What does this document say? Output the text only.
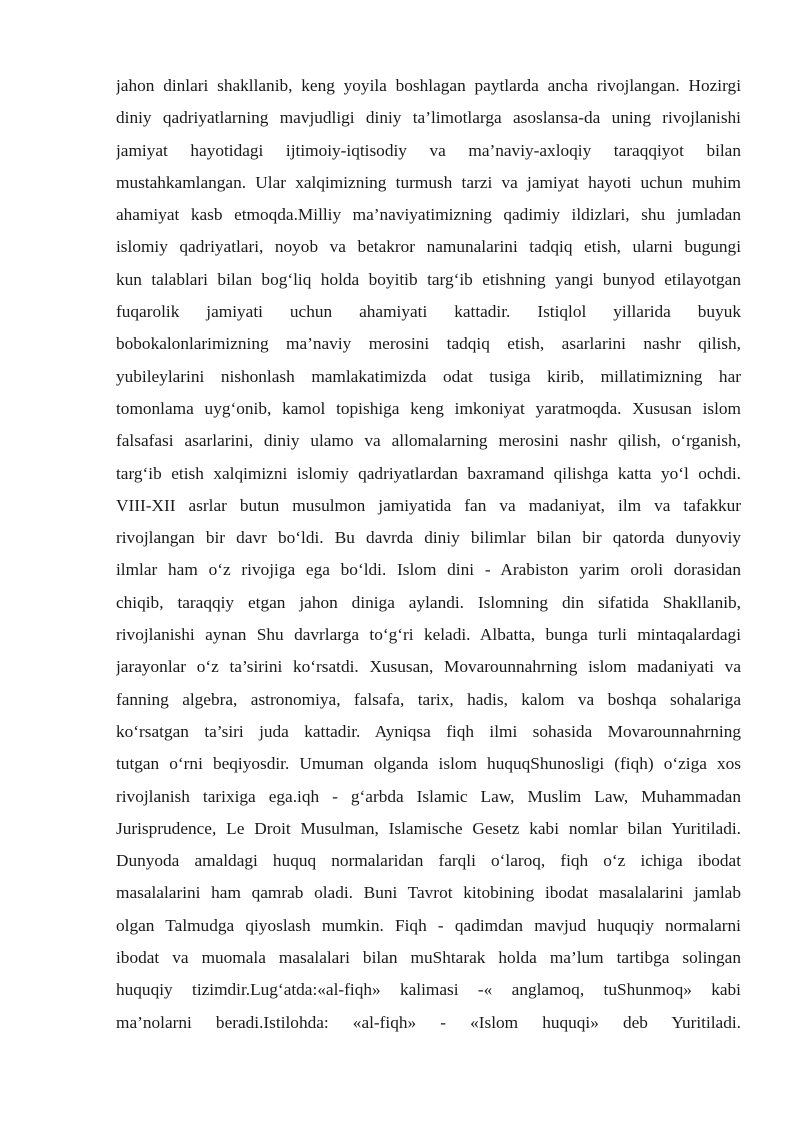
jahon dinlari shakllanib, keng yoyila boshlagan paytlarda ancha rivojlangan. Hozirgi
diniy qadriyatlarning mavjudligi diniy ta’limotlarga asoslansa-da uning rivojlanishi
jamiyat hayotidagi ijtimoiy-iqtisodiy va ma’naviy-axloqiy taraqqiyot bilan
mustahkamlangan. Ular xalqimizning turmush tarzi va jamiyat hayoti uchun muhim
ahamiyat kasb etmoqda.Milliy ma’naviyatimizning qadimiy ildizlari, shu jumladan
islomiy qadriyatlari, noyob va betakror namunalarini tadqiq etish, ularni bugungi
kun talablari bilan bog‘liq holda boyitib targ‘ib etishning yangi bunyod etilayotgan
fuqarolik jamiyati uchun ahamiyati kattadir. Istiqlol yillarida buyuk
bobokalonlarimizning ma’naviy merosini tadqiq etish, asarlarini nashr qilish,
yubileylarini nishonlash mamlakatimizda odat tusiga kirib, millatimizning har
tomonlama uyg‘onib, kamol topishiga keng imkoniyat yaratmoqda. Xususan islom
falsafasi asarlarini, diniy ulamo va allomalarning merosini nashr qilish, o‘rganish,
targ‘ib etish xalqimizni islomiy qadriyatlardan baxramand qilishga katta yo‘l ochdi.
VIII-XII asrlar butun musulmon jamiyatida fan va madaniyat, ilm va tafakkur
rivojlangan bir davr bo‘ldi. Bu davrda diniy bilimlar bilan bir qatorda dunyoviy
ilmlar ham o‘z rivojiga ega bo‘ldi. Islom dini - Arabiston yarim oroli dorasidan
chiqib, taraqqiy etgan jahon diniga aylandi. Islomning din sifatida Shakllanib,
rivojlanishi aynan Shu davrlarga to‘g‘ri keladi. Albatta, bunga turli mintaqalardagi
jarayonlar o‘z ta’sirini ko‘rsatdi. Xususan, Movarounnahrning islom madaniyati va
fanning algebra, astronomiya, falsafa, tarix, hadis, kalom va boshqa sohalariga
ko‘rsatgan ta’siri juda kattadir. Ayniqsa fiqh ilmi sohasida Movarounnahrning
tutgan o‘rni beqiyosdir. Umuman olganda islom huquqShunosligi (fiqh) o‘ziga xos
rivojlanish tarixiga ega.iqh - g‘arbda Islamic Law, Muslim Law, Muhammadan
Jurisprudence, Le Droit Musulman, Islamische Gesetz kabi nomlar bilan Yuritiladi.
Dunyoda amaldagi huquq normalaridan farqli o‘laroq, fiqh o‘z ichiga ibodat
masalalarini ham qamrab oladi. Buni Tavrot kitobining ibodat masalalarini jamlab
olgan Talmudga qiyoslash mumkin. Fiqh - qadimdan mavjud huquqiy normalarni
ibodat va muomala masalalari bilan muShtarak holda ma’lum tartibga solingan
huquqiy tizimdir.Lug‘atda:«al-fiqh» kalimasi -« anglamoq, tuShunmoq» kabi
ma’nolarni beradi.Istilohda: «al-fiqh» - «Islom huquqi» deb Yuritiladi.
